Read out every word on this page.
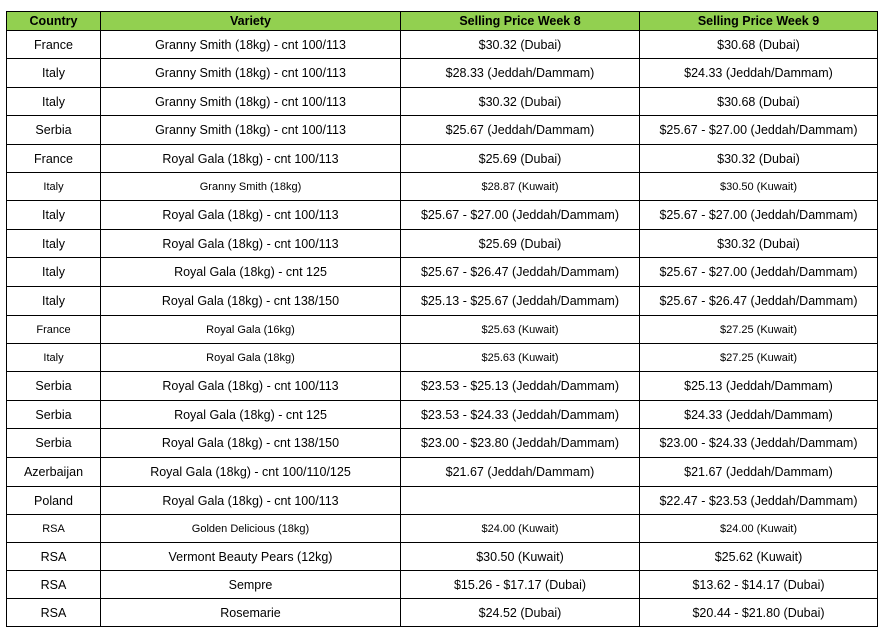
Country	Variety	Selling Price Week 8	Selling Price Week 9
France	Granny Smith (18kg) - cnt 100/113	$30.32 (Dubai)	$30.68 (Dubai)
Italy	Granny Smith (18kg) - cnt 100/113	$28.33 (Jeddah/Dammam)	$24.33 (Jeddah/Dammam)
Italy	Granny Smith (18kg) - cnt 100/113	$30.32 (Dubai)	$30.68 (Dubai)
Serbia	Granny Smith (18kg) - cnt 100/113	$25.67 (Jeddah/Dammam)	$25.67 - $27.00 (Jeddah/Dammam)
France	Royal Gala (18kg) - cnt 100/113	$25.69 (Dubai)	$30.32 (Dubai)
Italy	Granny Smith (18kg)	$28.87 (Kuwait)	$30.50 (Kuwait)
Italy	Royal Gala (18kg) - cnt 100/113	$25.67 - $27.00 (Jeddah/Dammam)	$25.67 - $27.00 (Jeddah/Dammam)
Italy	Royal Gala (18kg) - cnt 100/113	$25.69 (Dubai)	$30.32 (Dubai)
Italy	Royal Gala (18kg) - cnt 125	$25.67 - $26.47 (Jeddah/Dammam)	$25.67 - $27.00 (Jeddah/Dammam)
Italy	Royal Gala (18kg) - cnt 138/150	$25.13 - $25.67 (Jeddah/Dammam)	$25.67 - $26.47 (Jeddah/Dammam)
France	Royal Gala (16kg)	$25.63 (Kuwait)	$27.25 (Kuwait)
Italy	Royal Gala (18kg)	$25.63 (Kuwait)	$27.25 (Kuwait)
Serbia	Royal Gala (18kg) - cnt 100/113	$23.53 - $25.13 (Jeddah/Dammam)	$25.13 (Jeddah/Dammam)
Serbia	Royal Gala (18kg) - cnt 125	$23.53 - $24.33 (Jeddah/Dammam)	$24.33 (Jeddah/Dammam)
Serbia	Royal Gala (18kg) - cnt 138/150	$23.00 - $23.80 (Jeddah/Dammam)	$23.00 - $24.33 (Jeddah/Dammam)
Azerbaijan	Royal Gala (18kg) - cnt 100/110/125	$21.67 (Jeddah/Dammam)	$21.67 (Jeddah/Dammam)
Poland	Royal Gala (18kg) - cnt 100/113		$22.47 - $23.53 (Jeddah/Dammam)
RSA	Golden Delicious (18kg)	$24.00 (Kuwait)	$24.00 (Kuwait)
RSA	Vermont Beauty Pears (12kg)	$30.50 (Kuwait)	$25.62 (Kuwait)
RSA	Sempre	$15.26 - $17.17 (Dubai)	$13.62 - $14.17 (Dubai)
RSA	Rosemarie	$24.52 (Dubai)	$20.44 - $21.80 (Dubai)
